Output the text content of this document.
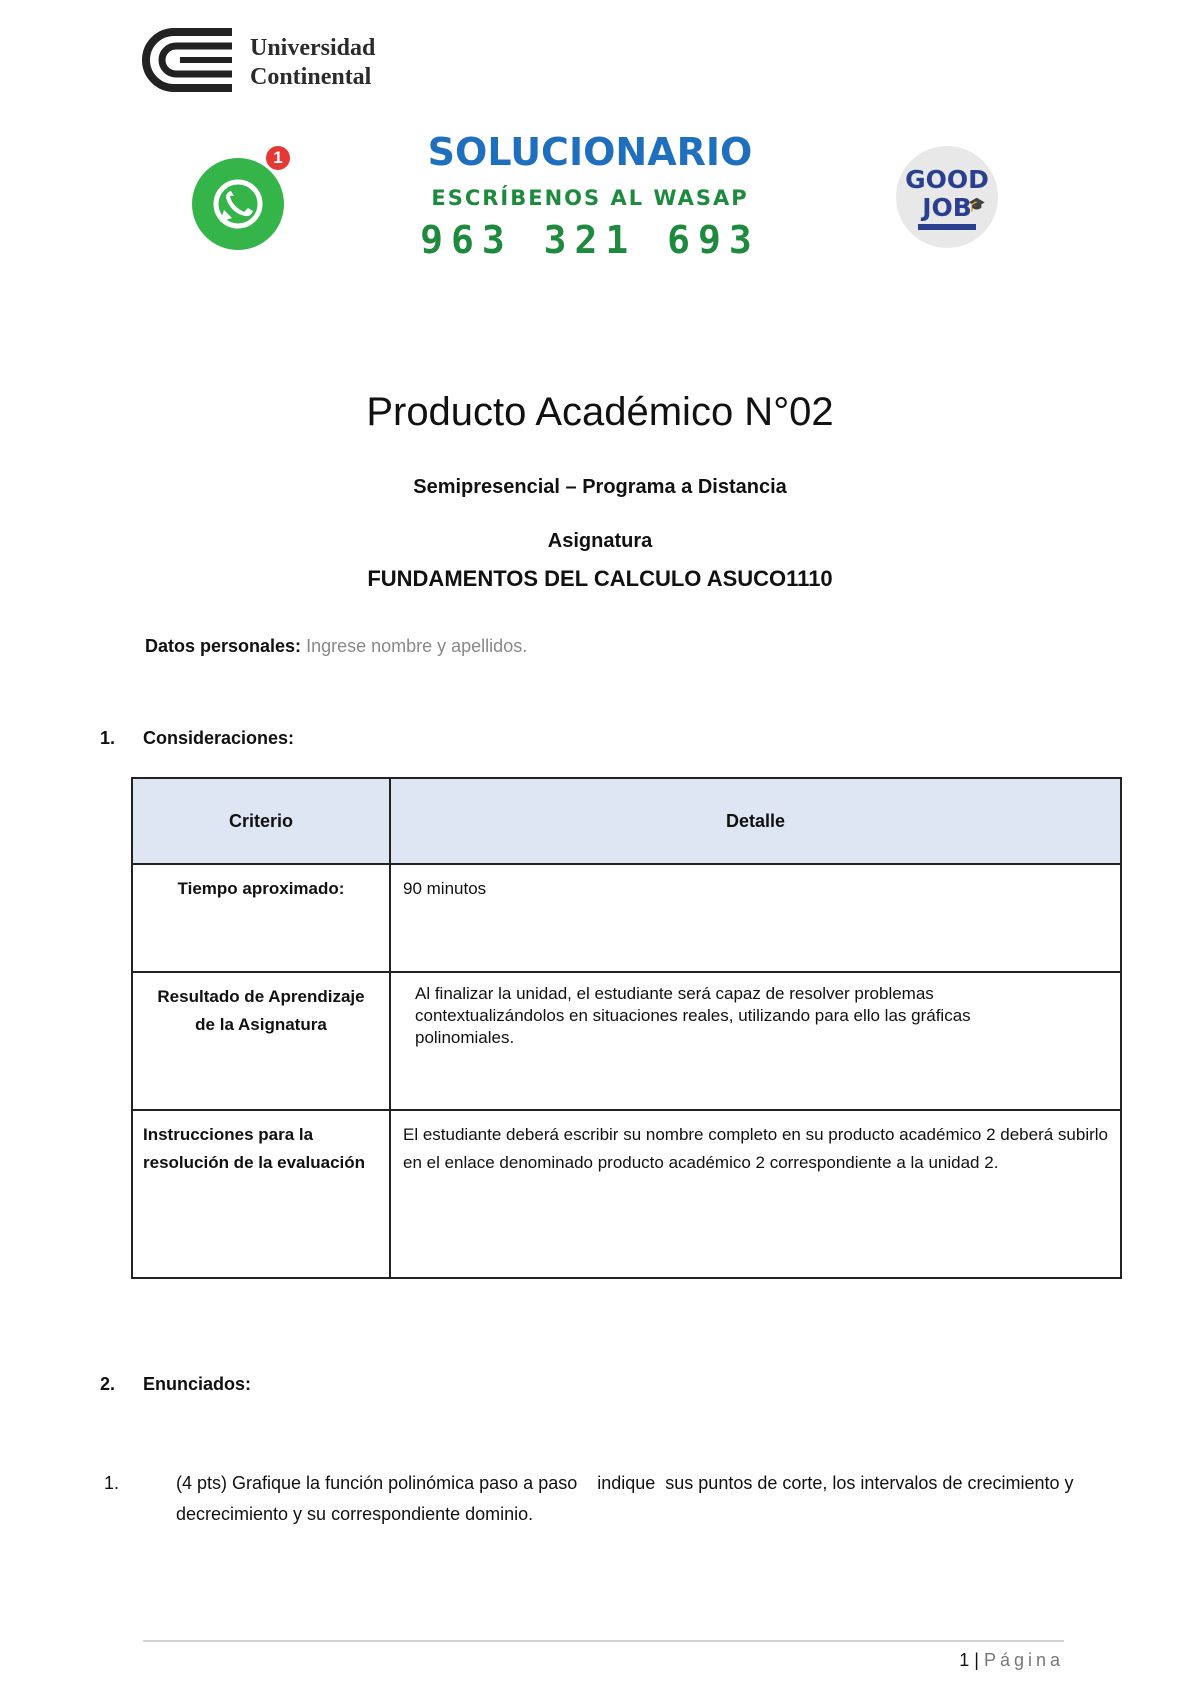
Universidad
Continental
1	SOLUCIONARIO
ESCRÍBENOS AL WASAP
963 321 693
GOOD
JOB
🎓
Producto Académico N°02
Semipresencial – Programa a Distancia
Asignatura
FUNDAMENTOS DEL CALCULO ASUCO1110
Datos personales: Ingrese nombre y apellidos.
1. Consideraciones:
Criterio	Detalle
Tiempo aproximado:	90 minutos
Resultado de Aprendizaje de la Asignatura	Al finalizar la unidad, el estudiante será capaz de resolver problemas contextualizándolos en situaciones reales, utilizando para ello las gráficas polinomiales.
Instrucciones para la resolución de la evaluación	El estudiante deberá escribir su nombre completo en su producto académico 2 deberá subirlo en el enlace denominado producto académico 2 correspondiente a la unidad 2.
2. Enunciados:
1.	(4 pts) Grafique la función polinómica paso a paso    indique  sus puntos de corte, los intervalos de crecimiento y decrecimiento y su correspondiente dominio.
1 | Página
